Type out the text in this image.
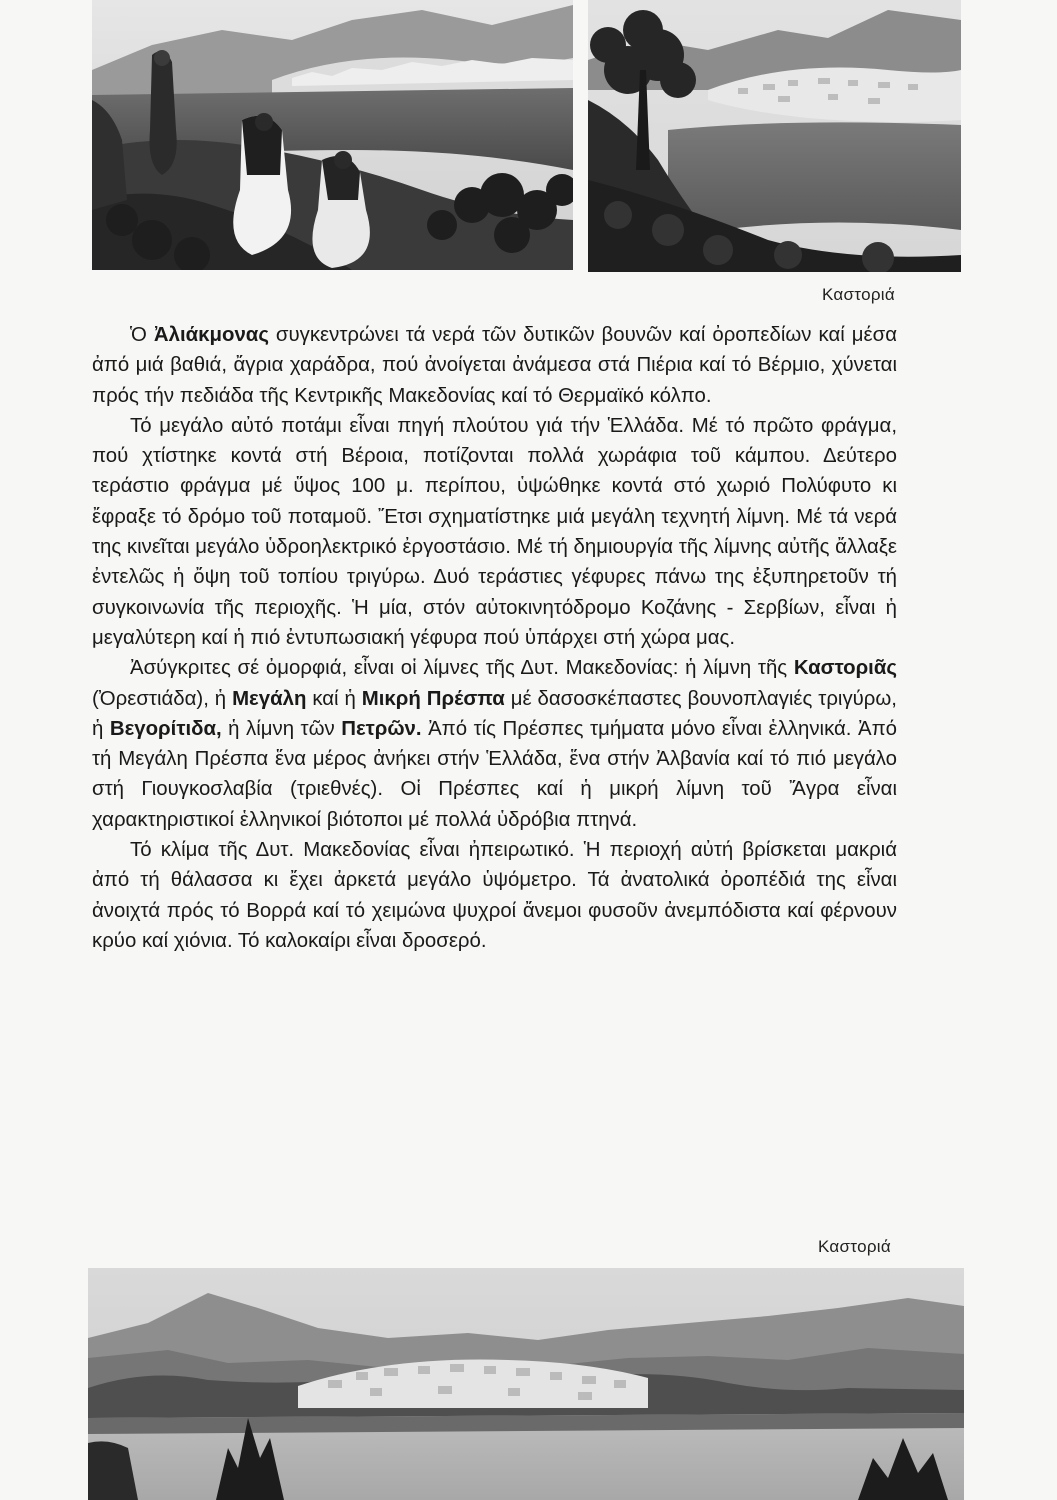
Καστοριά

Ὁ Ἀλιάκμονας συγκεντρώνει τά νερά τῶν δυτικῶν βουνῶν καί ὀροπεδίων καί μέσα ἀπό μιά βαθιά, ἄγρια χαράδρα, πού ἀνοίγεται ἀνάμεσα στά Πιέρια καί τό Βέρμιο, χύνεται πρός τήν πεδιάδα τῆς Κεντρικῆς Μακεδονίας καί τό Θερμαϊκό κόλπο.

Τό μεγάλο αὐτό ποτάμι εἶναι πηγή πλούτου γιά τήν Ἑλλάδα. Μέ τό πρῶτο φράγμα, πού χτίστηκε κοντά στή Βέροια, ποτίζονται πολλά χωράφια τοῦ κάμπου. Δεύτερο τεράστιο φράγμα μέ ὕψος 100 μ. περίπου, ὑψώθηκε κοντά στό χωριό Πολύφυτο κι ἔφραξε τό δρόμο τοῦ ποταμοῦ. Ἔτσι σχηματίστηκε μιά μεγάλη τεχνητή λίμνη. Μέ τά νερά της κινεῖται μεγάλο ὑδροηλεκτρικό ἐργοστάσιο. Μέ τή δημιουργία τῆς λίμνης αὐτῆς ἄλλαξε ἐντελῶς ἡ ὄψη τοῦ τοπίου τριγύρω. Δυό τεράστιες γέφυρες πάνω της ἐξυπηρετοῦν τή συγκοινωνία τῆς περιοχῆς. Ἡ μία, στόν αὐτοκινητόδρομο Κοζάνης - Σερβίων, εἶναι ἡ μεγαλύτερη καί ἡ πιό ἐντυπωσιακή γέφυρα πού ὑπάρχει στή χώρα μας.

Ἀσύγκριτες σέ ὀμορφιά, εἶναι οἱ λίμνες τῆς Δυτ. Μακεδονίας: ἡ λίμνη τῆς Καστοριᾶς (Ὀρεστιάδα), ἡ Μεγάλη καί ἡ Μικρή Πρέσπα μέ δασοσκέπαστες βουνοπλαγιές τριγύρω, ἡ Βεγορίτιδα, ἡ λίμνη τῶν Πετρῶν. Ἀπό τίς Πρέσπες τμήματα μόνο εἶναι ἑλληνικά. Ἀπό τή Μεγάλη Πρέσπα ἕνα μέρος ἀνήκει στήν Ἑλλάδα, ἕνα στήν Ἀλβανία καί τό πιό μεγάλο στή Γιουγκοσλαβία (τριεθνές). Οἱ Πρέσπες καί ἡ μικρή λίμνη τοῦ Ἄγρα εἶναι χαρακτηριστικοί ἑλληνικοί βιότοποι μέ πολλά ὑδρόβια πτηνά.

Τό κλίμα τῆς Δυτ. Μακεδονίας εἶναι ἠπειρωτικό. Ἡ περιοχή αὐτή βρίσκεται μακριά ἀπό τή θάλασσα κι ἔχει ἀρκετά μεγάλο ὑψόμετρο. Τά ἀνατολικά ὀροπέδιά της εἶναι ἀνοιχτά πρός τό Βορρά καί τό χειμώνα ψυχροί ἄνεμοι φυσοῦν ἀνεμπόδιστα καί φέρνουν κρύο καί χιόνια. Τό καλοκαίρι εἶναι δροσερό.

Καστοριά
